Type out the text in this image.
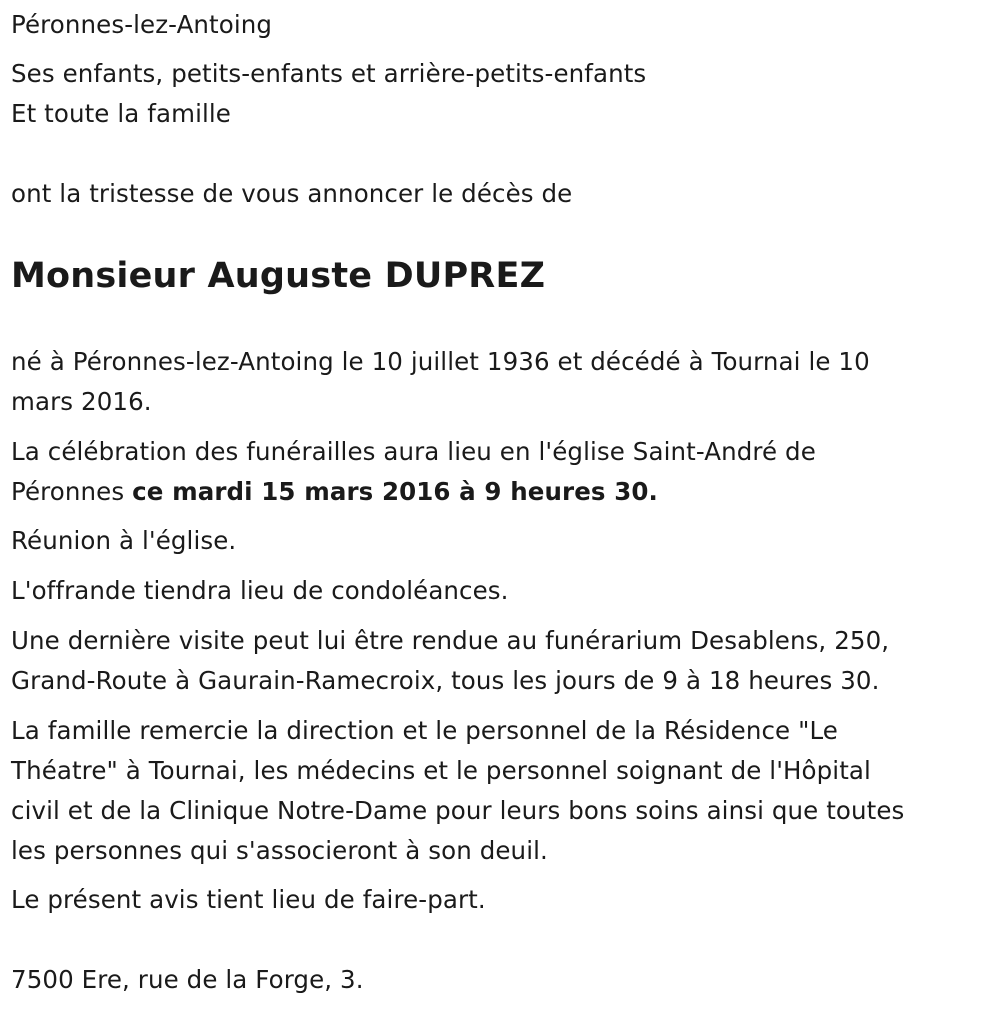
Péronnes-lez-Antoing
Ses enfants, petits-enfants et arrière-petits-enfants
Et toute la famille
ont la tristesse de vous annoncer le décès de
Monsieur Auguste DUPREZ
né à Péronnes-lez-Antoing le 10 juillet 1936 et décédé à Tournai le 10
mars 2016.
La célébration des funérailles aura lieu en l'église Saint-André de
Péronnes ce mardi 15 mars 2016 à 9 heures 30.
Réunion à l'église.
L'offrande tiendra lieu de condoléances.
Une dernière visite peut lui être rendue au funérarium Desablens, 250,
Grand-Route à Gaurain-Ramecroix, tous les jours de 9 à 18 heures 30.
La famille remercie la direction et le personnel de la Résidence "Le
Théatre" à Tournai, les médecins et le personnel soignant de l'Hôpital
civil et de la Clinique Notre-Dame pour leurs bons soins ainsi que toutes
les personnes qui s'associeront à son deuil.
Le présent avis tient lieu de faire-part.
7500 Ere, rue de la Forge, 3.
